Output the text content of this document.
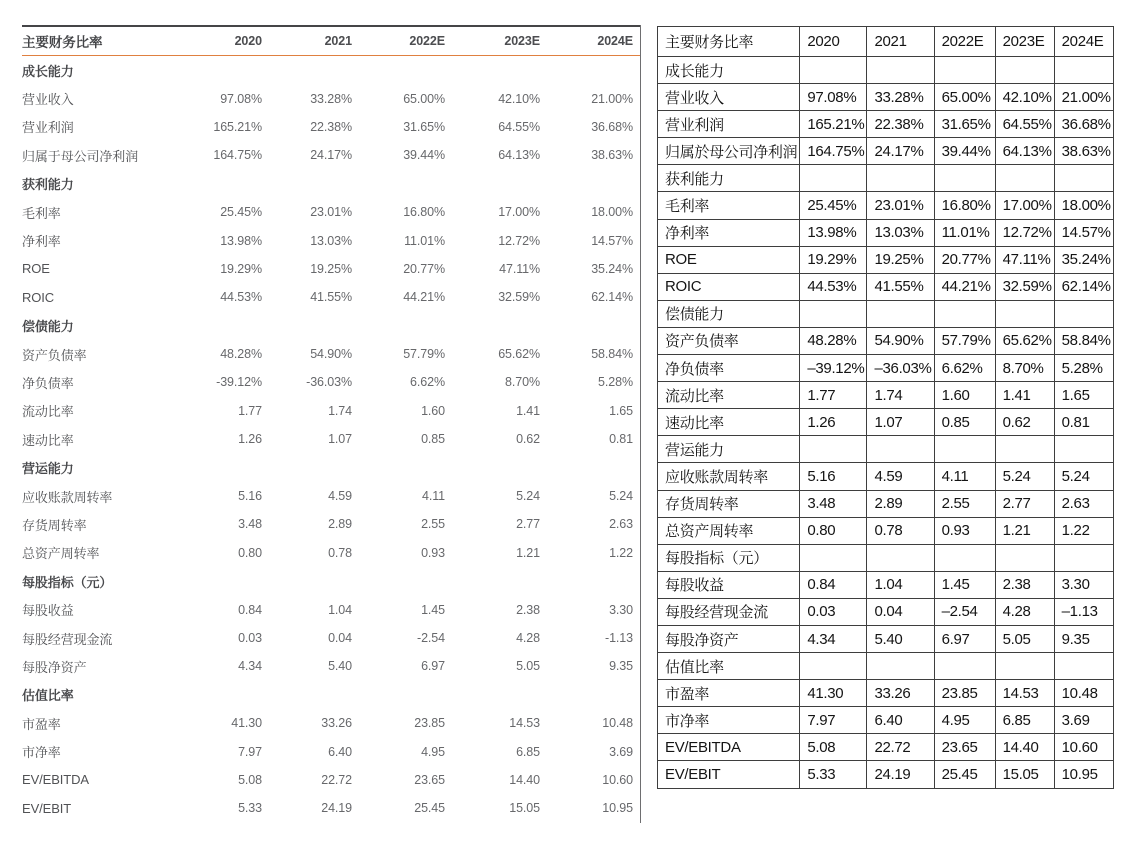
主要财务比率	2020	2021	2022E	2023E	2024E
成长能力					
营业收入	97.08%	33.28%	65.00%	42.10%	21.00%
营业利润	165.21%	22.38%	31.65%	64.55%	36.68%
归属于母公司净利润	164.75%	24.17%	39.44%	64.13%	38.63%
获利能力					
毛利率	25.45%	23.01%	16.80%	17.00%	18.00%
净利率	13.98%	13.03%	11.01%	12.72%	14.57%
ROE	19.29%	19.25%	20.77%	47.11%	35.24%
ROIC	44.53%	41.55%	44.21%	32.59%	62.14%
偿债能力					
资产负债率	48.28%	54.90%	57.79%	65.62%	58.84%
净负债率	-39.12%	-36.03%	6.62%	8.70%	5.28%
流动比率	1.77	1.74	1.60	1.41	1.65
速动比率	1.26	1.07	0.85	0.62	0.81
营运能力					
应收账款周转率	5.16	4.59	4.11	5.24	5.24
存货周转率	3.48	2.89	2.55	2.77	2.63
总资产周转率	0.80	0.78	0.93	1.21	1.22
每股指标（元）					
每股收益	0.84	1.04	1.45	2.38	3.30
每股经营现金流	0.03	0.04	-2.54	4.28	-1.13
每股净资产	4.34	5.40	6.97	5.05	9.35
估值比率					
市盈率	41.30	33.26	23.85	14.53	10.48
市净率	7.97	6.40	4.95	6.85	3.69
EV/EBITDA	5.08	22.72	23.65	14.40	10.60
EV/EBIT	5.33	24.19	25.45	15.05	10.95
主要财务比率	2020	2021	2022E	2023E	2024E
成长能力					
营业收入	97.08%	33.28%	65.00%	42.10%	21.00%
营业利润	165.21%	22.38%	31.65%	64.55%	36.68%
归属於母公司净利润	164.75%	24.17%	39.44%	64.13%	38.63%
获利能力					
毛利率	25.45%	23.01%	16.80%	17.00%	18.00%
净利率	13.98%	13.03%	11.01%	12.72%	14.57%
ROE	19.29%	19.25%	20.77%	47.11%	35.24%
ROIC	44.53%	41.55%	44.21%	32.59%	62.14%
偿债能力					
资产负债率	48.28%	54.90%	57.79%	65.62%	58.84%
净负债率	–39.12%	–36.03%	6.62%	8.70%	5.28%
流动比率	1.77	1.74	1.60	1.41	1.65
速动比率	1.26	1.07	0.85	0.62	0.81
营运能力					
应收账款周转率	5.16	4.59	4.11	5.24	5.24
存货周转率	3.48	2.89	2.55	2.77	2.63
总资产周转率	0.80	0.78	0.93	1.21	1.22
每股指标（元）					
每股收益	0.84	1.04	1.45	2.38	3.30
每股经营现金流	0.03	0.04	–2.54	4.28	–1.13
每股净资产	4.34	5.40	6.97	5.05	9.35
估值比率					
市盈率	41.30	33.26	23.85	14.53	10.48
市净率	7.97	6.40	4.95	6.85	3.69
EV/EBITDA	5.08	22.72	23.65	14.40	10.60
EV/EBIT	5.33	24.19	25.45	15.05	10.95
